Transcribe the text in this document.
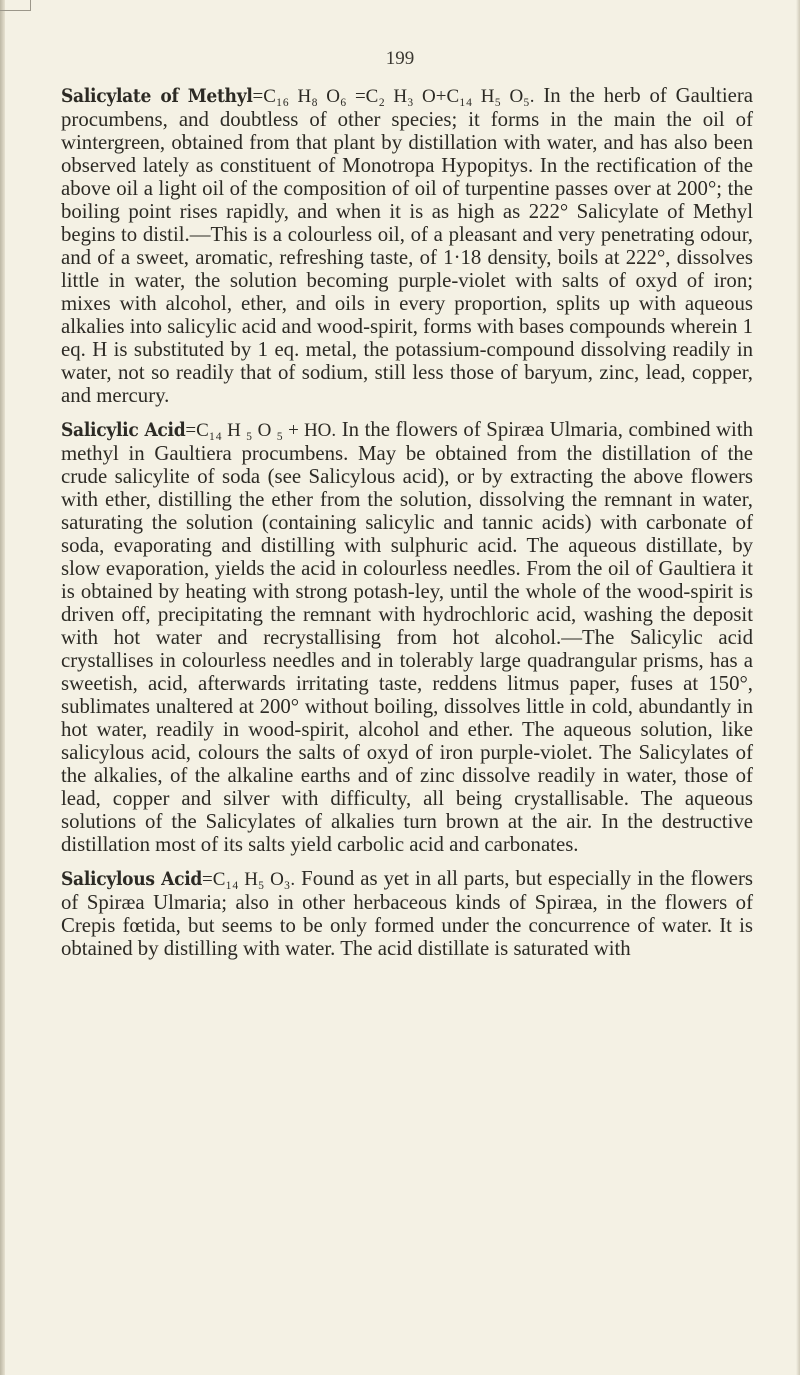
199

Salicylate of Methyl=C₁₆ H₈ O₆ =C₂ H₃ O+C₁₄ H₅ O₅. In the herb of Gaultiera procumbens, and doubtless of other species; it forms in the main the oil of wintergreen, obtained from that plant by distillation with water, and has also been observed lately as constituent of Monotropa Hypopitys. In the rectification of the above oil a light oil of the composition of oil of turpentine passes over at 200°; the boiling point rises rapidly, and when it is as high as 222° Salicylate of Methyl begins to distil.—This is a colourless oil, of a pleasant and very penetrating odour, and of a sweet, aromatic, refreshing taste, of 1·18 density, boils at 222°, dissolves little in water, the solution becoming purple-violet with salts of oxyd of iron; mixes with alcohol, ether, and oils in every proportion, splits up with aqueous alkalies into salicylic acid and wood-spirit, forms with bases compounds wherein 1 eq. H is substituted by 1 eq. metal, the potassium-compound dissolving readily in water, not so readily that of sodium, still less those of baryum, zinc, lead, copper, and mercury.

Salicylic Acid=C₁₄ H ₅ O ₅ + HO. In the flowers of Spiræa Ulmaria, combined with methyl in Gaultiera procumbens. May be obtained from the distillation of the crude salicylite of soda (see Salicylous acid), or by extracting the above flowers with ether, distilling the ether from the solution, dissolving the remnant in water, saturating the solution (containing salicylic and tannic acids) with carbonate of soda, evaporating and distilling with sulphuric acid. The aqueous distillate, by slow evaporation, yields the acid in colourless needles. From the oil of Gaultiera it is obtained by heating with strong potash-ley, until the whole of the wood-spirit is driven off, precipitating the remnant with hydrochloric acid, washing the deposit with hot water and recrystallising from hot alcohol.—The Salicylic acid crystallises in colourless needles and in tolerably large quadrangular prisms, has a sweetish, acid, afterwards irritating taste, reddens litmus paper, fuses at 150°, sublimates unaltered at 200° without boiling, dissolves little in cold, abundantly in hot water, readily in wood-spirit, alcohol and ether. The aqueous solution, like salicylous acid, colours the salts of oxyd of iron purple-violet. The Salicylates of the alkalies, of the alkaline earths and of zinc dissolve readily in water, those of lead, copper and silver with difficulty, all being crystallisable. The aqueous solutions of the Salicylates of alkalies turn brown at the air. In the destructive distillation most of its salts yield carbolic acid and carbonates.

Salicylous Acid=C₁₄ H₅ O₃. Found as yet in all parts, but especially in the flowers of Spiræa Ulmaria; also in other herbaceous kinds of Spiræa, in the flowers of Crepis fœtida, but seems to be only formed under the concurrence of water. It is obtained by distilling with water. The acid distillate is saturated with
